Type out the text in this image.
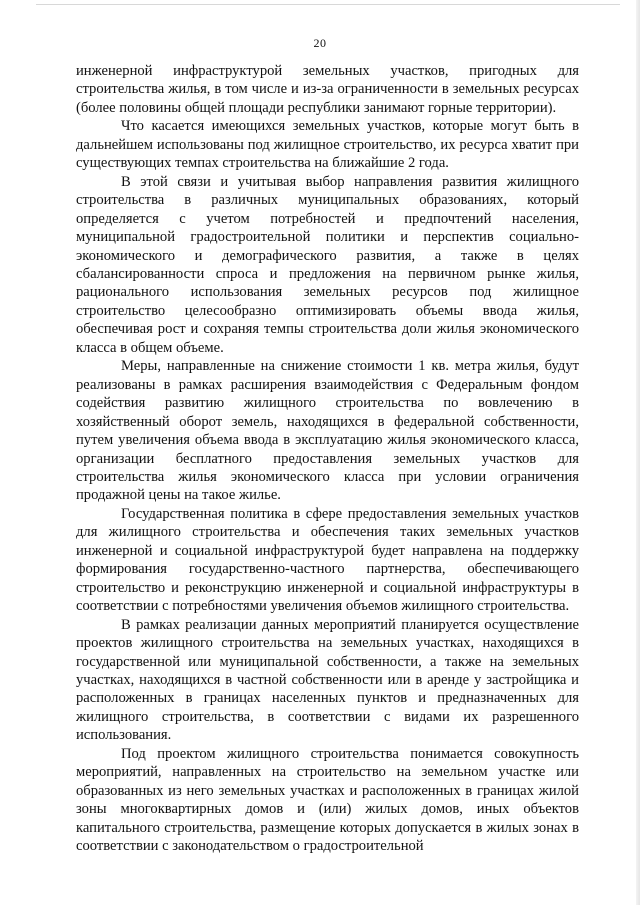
20

инженерной инфраструктурой земельных участков, пригодных для строительства жилья, в том числе и из-за ограниченности в земельных ресурсах (более половины общей площади республики занимают горные территории).

Что касается имеющихся земельных участков, которые могут быть в дальнейшем использованы под жилищное строительство, их ресурса хватит при существующих темпах строительства на ближайшие 2 года.

В этой связи и учитывая выбор направления развития жилищного строительства в различных муниципальных образованиях, который определяется с учетом потребностей и предпочтений населения, муниципальной градостроительной политики и перспектив социально-экономического и демографического развития, а также в целях сбалансированности спроса и предложения на первичном рынке жилья, рационального использования земельных ресурсов под жилищное строительство целесообразно оптимизировать объемы ввода жилья, обеспечивая рост и сохраняя темпы строительства доли жилья экономического класса в общем объеме.

Меры, направленные на снижение стоимости 1 кв. метра жилья, будут реализованы в рамках расширения взаимодействия с Федеральным фондом содействия развитию жилищного строительства по вовлечению в хозяйственный оборот земель, находящихся в федеральной собственности, путем увеличения объема ввода в эксплуатацию жилья экономического класса, организации бесплатного предоставления земельных участков для строительства жилья экономического класса при условии ограничения продажной цены на такое жилье.

Государственная политика в сфере предоставления земельных участков для жилищного строительства и обеспечения таких земельных участков инженерной и социальной инфраструктурой будет направлена на поддержку формирования государственно-частного партнерства, обеспечивающего строительство и реконструкцию инженерной и социальной инфраструктуры в соответствии с потребностями увеличения объемов жилищного строительства.

В рамках реализации данных мероприятий планируется осуществление проектов жилищного строительства на земельных участках, находящихся в государственной или муниципальной собственности, а также на земельных участках, находящихся в частной собственности или в аренде у застройщика и расположенных в границах населенных пунктов и предназначенных для жилищного строительства, в соответствии с видами их разрешенного использования.

Под проектом жилищного строительства понимается совокупность мероприятий, направленных на строительство на земельном участке или образованных из него земельных участках и расположенных в границах жилой зоны многоквартирных домов и (или) жилых домов, иных объектов капитального строительства, размещение которых допускается в жилых зонах в соответствии с законодательством о градостроительной
